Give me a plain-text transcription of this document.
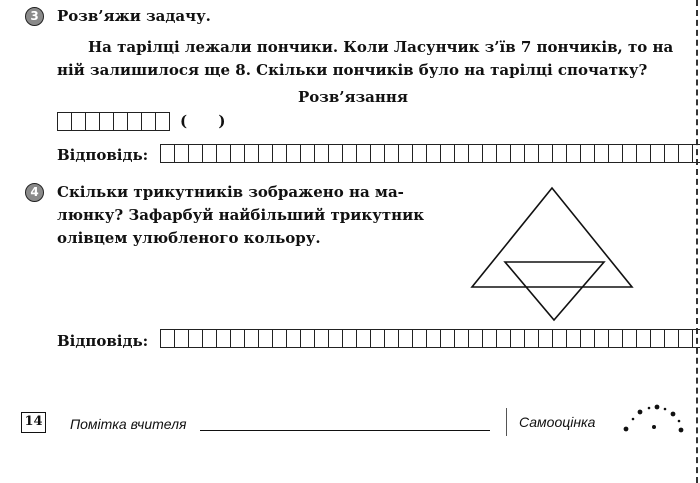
3	Розв’яжи задачу.
На тарілці лежали пончики. Коли Ласунчик з’їв 7 пончиків, то на
ній залишилося ще 8. Скільки пончиків було на тарілці спочатку?
Розв’язання
(      )
Відповідь:
4	Скільки трикутників зображено на ма-
люнку? Зафарбуй найбільший трикутник
олівцем улюбленого кольору.
Відповідь:
14 Помітка вчителя	Самооцінка
